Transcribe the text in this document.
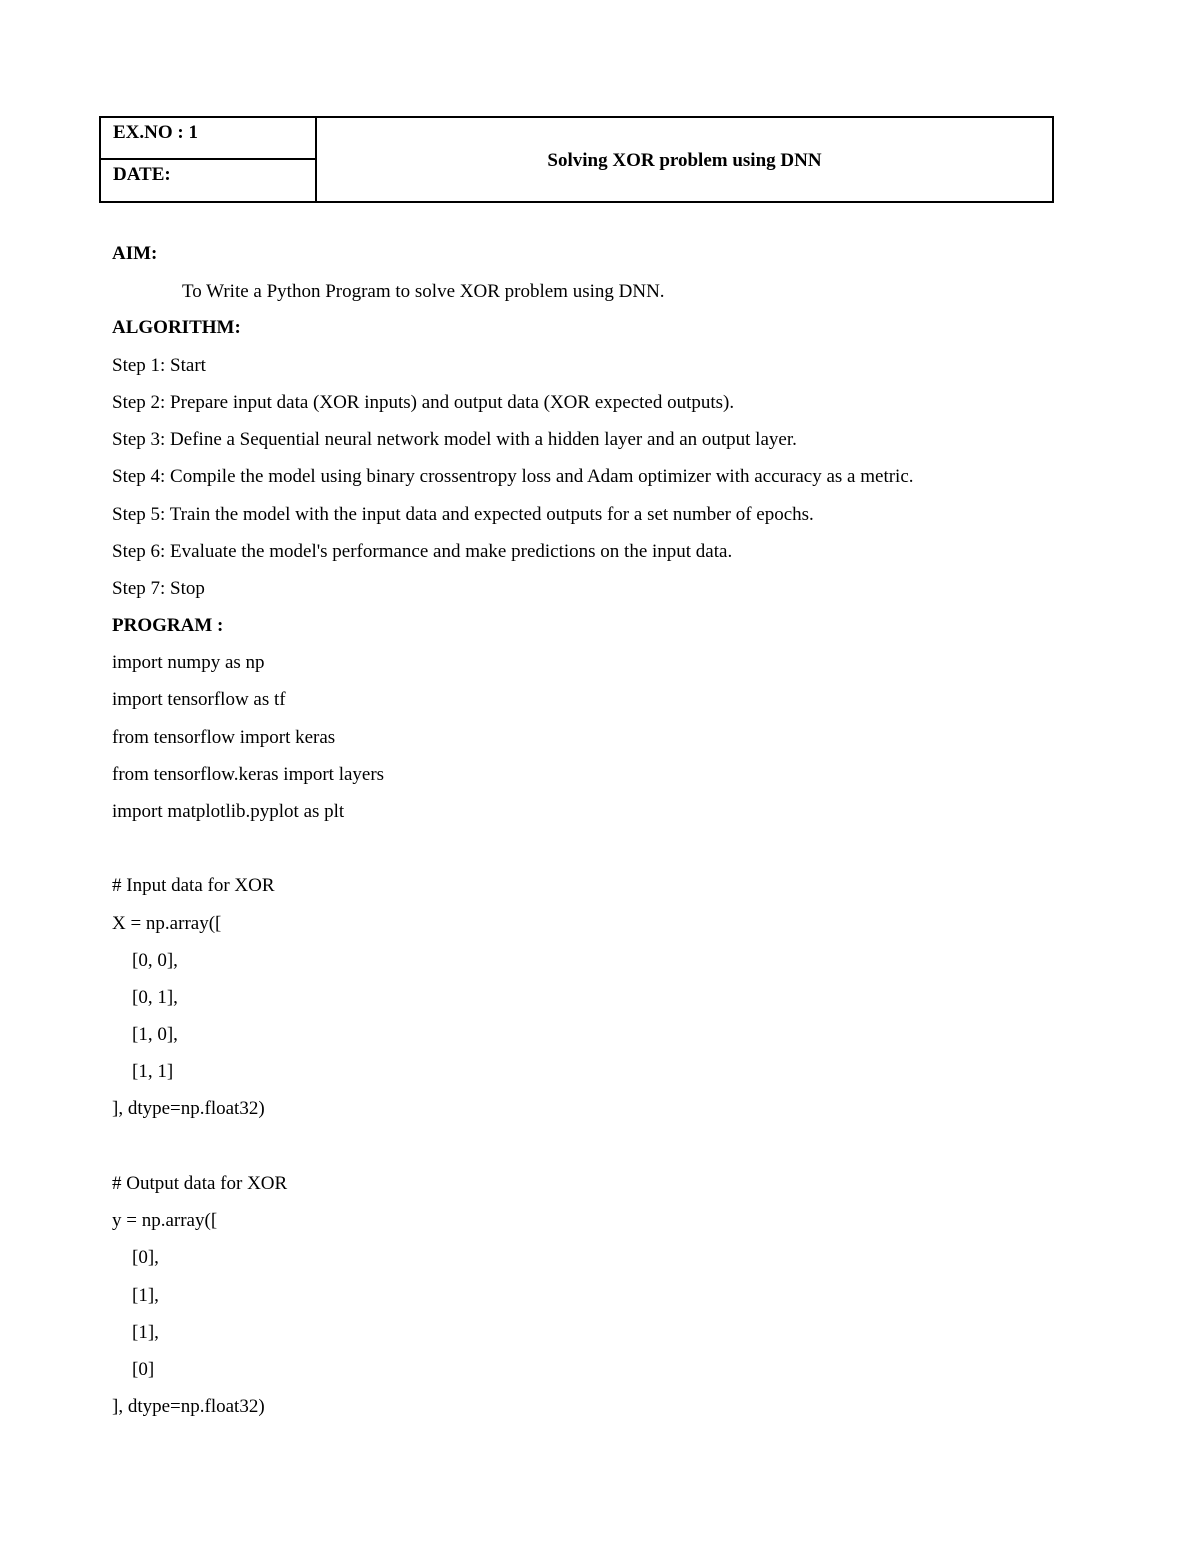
EX.NO : 1
DATE:
Solving XOR problem using DNN
AIM:
To Write a Python Program to solve XOR problem using DNN.
ALGORITHM:
Step 1: Start
Step 2: Prepare input data (XOR inputs) and output data (XOR expected outputs).
Step 3: Define a Sequential neural network model with a hidden layer and an output layer.
Step 4: Compile the model using binary crossentropy loss and Adam optimizer with accuracy as a metric.
Step 5: Train the model with the input data and expected outputs for a set number of epochs.
Step 6: Evaluate the model's performance and make predictions on the input data.
Step 7: Stop
PROGRAM :
import numpy as np
import tensorflow as tf
from tensorflow import keras
from tensorflow.keras import layers
import matplotlib.pyplot as plt
# Input data for XOR
X = np.array([
[0, 0],
[0, 1],
[1, 0],
[1, 1]
], dtype=np.float32)
# Output data for XOR
y = np.array([
[0],
[1],
[1],
[0]
], dtype=np.float32)
